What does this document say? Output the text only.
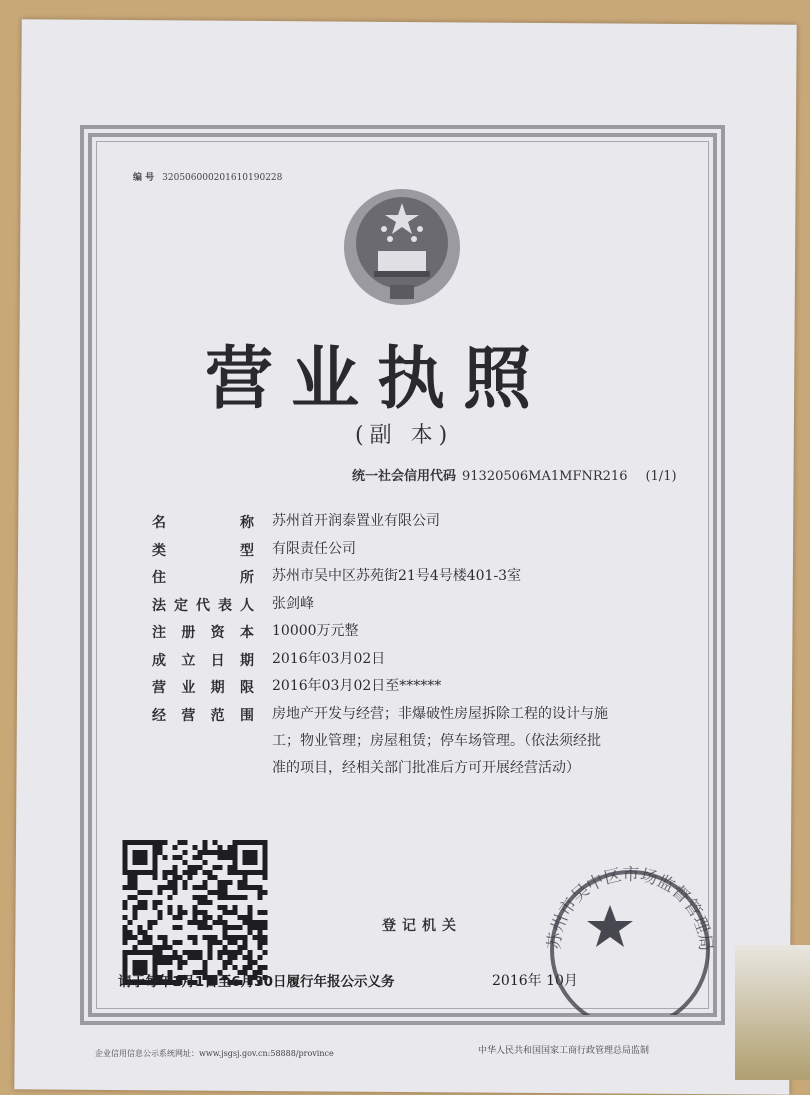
编 号 320506000201610190228
营业执照
(副 本)
统一社会信用代码 91320506MA1MFNR216 (1/1)
名称 苏州首开润泰置业有限公司
类型 有限责任公司
住所 苏州市吴中区苏苑街21号4号楼401-3室
法定代表人 张剑峰
注册资本 10000万元整
成立日期 2016年03月02日
营业期限 2016年03月02日至******
经营范围 房地产开发与经营；非爆破性房屋拆除工程的设计与施工；物业管理；房屋租赁；停车场管理。（依法须经批准的项目，经相关部门批准后方可开展经营活动）
登记机关
请于每年1月1日至6月30日履行年报公示义务	2016年 10月
苏州市吴中区市场监督管理局
企业信用信息公示系统网址：www.jsgsj.gov.cn:58888/province	中华人民共和国国家工商行政管理总局监制
